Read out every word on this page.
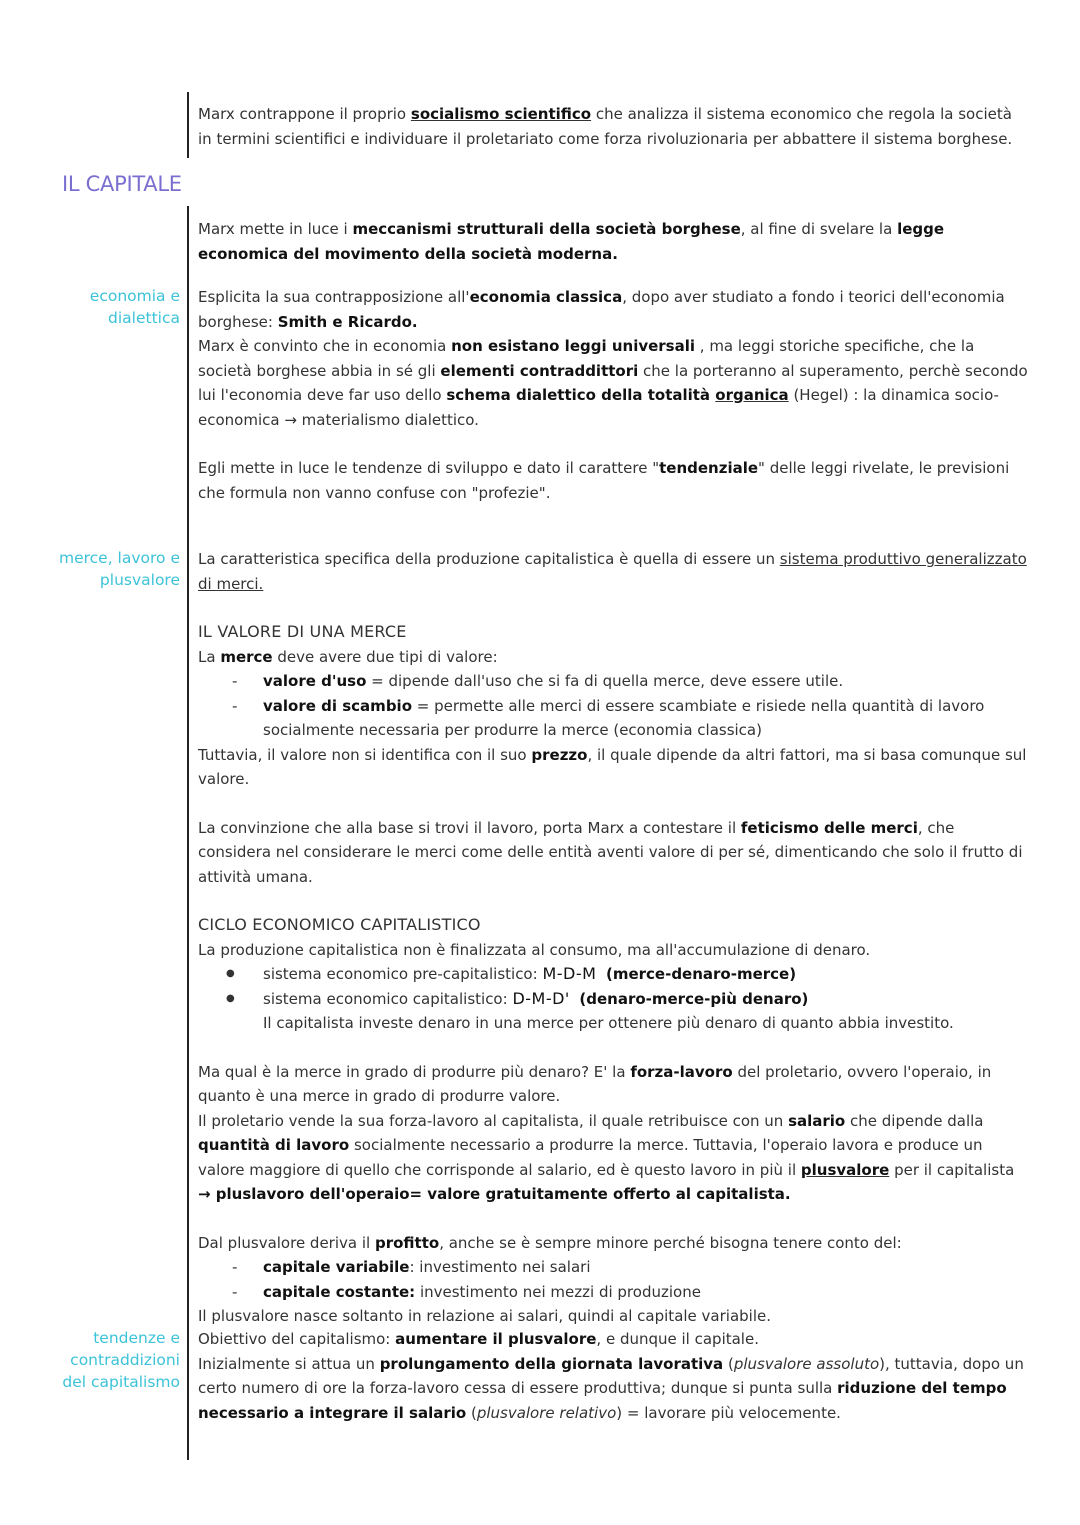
Marx contrappone il proprio socialismo scientifico che analizza il sistema economico che regola la società in termini scientifici e individuare il proletariato come forza rivoluzionaria per abbattere il sistema borghese.
IL CAPITALE
Marx mette in luce i meccanismi strutturali della società borghese, al fine di svelare la legge economica del movimento della società moderna.
economia e
dialettica
merce, lavoro e
plusvalore
tendenze e
contraddizioni
del capitalismo

Esplicita la sua contrapposizione all'economia classica, dopo aver studiato a fondo i teorici dell'economia borghese: Smith e Ricardo.

Marx è convinto che in economia non esistano leggi universali , ma leggi storiche specifiche, che la società borghese abbia in sé gli elementi contraddittori che la porteranno al superamento, perchè secondo lui l'economia deve far uso dello schema dialettico della totalità organica (Hegel) : la dinamica socio-economica → materialismo dialettico.

Egli mette in luce le tendenze di sviluppo e dato il carattere "tendenziale" delle leggi rivelate, le previsioni che formula non vanno confuse con "profezie".

La caratteristica specifica della produzione capitalistica è quella di essere un sistema produttivo generalizzato di merci.

IL VALORE DI UNA MERCE

La merce deve avere due tipi di valore:

- valore d'uso = dipende dall'uso che si fa di quella merce, deve essere utile.
- valore di scambio = permette alle merci di essere scambiate e risiede nella quantità di lavoro socialmente necessaria per produrre la merce (economia classica)

Tuttavia, il valore non si identifica con il suo prezzo, il quale dipende da altri fattori, ma si basa comunque sul valore.

La convinzione che alla base si trovi il lavoro, porta Marx a contestare il feticismo delle merci, che considera nel considerare le merci come delle entità aventi valore di per sé, dimenticando che solo il frutto di attività umana.

CICLO ECONOMICO CAPITALISTICO

La produzione capitalistica non è finalizzata al consumo, ma all'accumulazione di denaro.

● sistema economico pre-capitalistico: M-D-M (merce-denaro-merce)
● sistema economico capitalistico: D-M-D' (denaro-merce-più denaro)
Il capitalista investe denaro in una merce per ottenere più denaro di quanto abbia investito.

Ma qual è la merce in grado di produrre più denaro? E' la forza-lavoro del proletario, ovvero l'operaio, in quanto è una merce in grado di produrre valore.

Il proletario vende la sua forza-lavoro al capitalista, il quale retribuisce con un salario che dipende dalla quantità di lavoro socialmente necessario a produrre la merce. Tuttavia, l'operaio lavora e produce un valore maggiore di quello che corrisponde al salario, ed è questo lavoro in più il plusvalore per il capitalista

→ pluslavoro dell'operaio= valore gratuitamente offerto al capitalista.

Dal plusvalore deriva il profitto, anche se è sempre minore perché bisogna tenere conto del:

- capitale variabile: investimento nei salari
- capitale costante: investimento nei mezzi di produzione

Il plusvalore nasce soltanto in relazione ai salari, quindi al capitale variabile.

Obiettivo del capitalismo: aumentare il plusvalore, e dunque il capitale.

Inizialmente si attua un prolungamento della giornata lavorativa (plusvalore assoluto), tuttavia, dopo un certo numero di ore la forza-lavoro cessa di essere produttiva; dunque si punta sulla riduzione del tempo necessario a integrare il salario (plusvalore relativo) = lavorare più velocemente.
